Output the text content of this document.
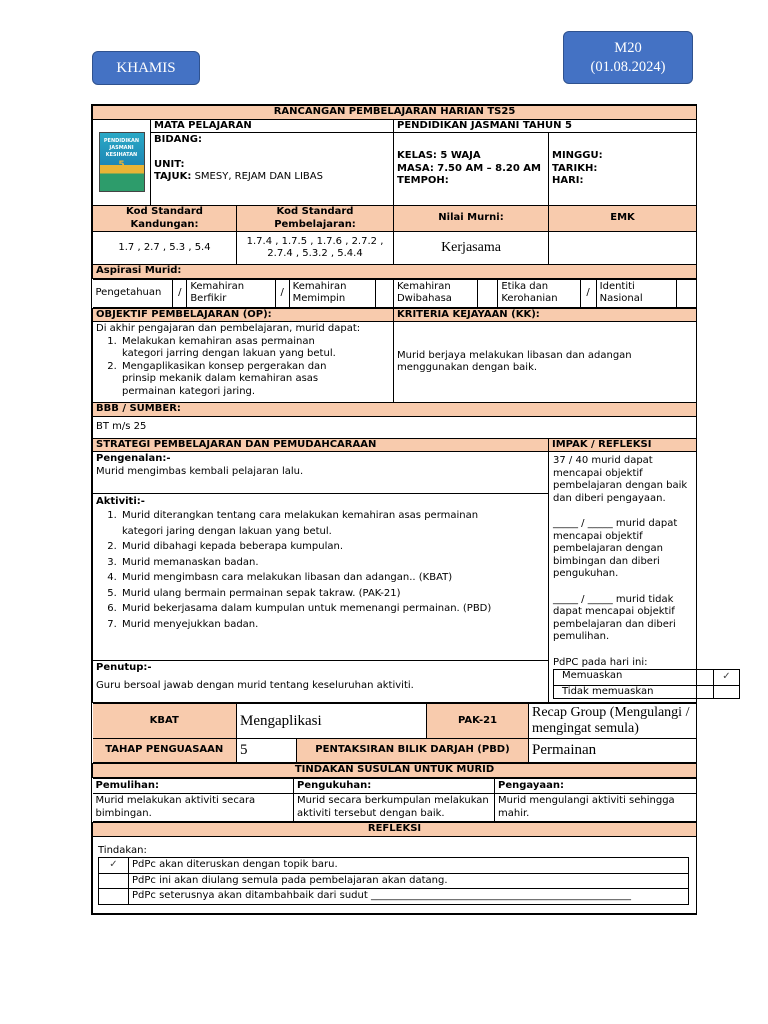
KHAMIS
M20
(01.08.2024)
RANCANGAN PEMBELAJARAN HARIAN TS25

PENDIDIKAN
JASMANI
KESIHATAN
5
	MATA PELAJARAN	PENDIDIKAN JASMANI TAHUN 5

BIDANG:
UNIT:
TAJUK: SMESY, REJAM DAN LIBAS

KELAS: 5 WAJA
MASA: 7.50 AM – 8.20 AM
TEMPOH:

MINGGU:
TARIKH:
HARI:

Kod Standard Kandungan:	Kod Standard Pembelajaran:	Nilai Murni:	EMK
1.7 , 2.7 , 5.3 , 5.4	1.7.4 , 1.7.5 , 1.7.6 , 2.7.2 , 2.7.4 , 5.3.2 , 5.4.4	Kerjasama	
Aspirasi Murid:

Pengetahuan	/	Kemahiran Berfikir	/	Kemahiran Memimpin		Kemahiran Dwibahasa		Etika dan Kerohanian	/	Identiti Nasional	

OBJEKTIF PEMBELAJARAN (OP):	KRITERIA KEJAYAAN (KK):

Di akhir pengajaran dan pembelajaran, murid dapat:
1. Melakukan kemahiran asas permainan kategori jarring dengan lakuan yang betul.
2. Mengaplikasikan konsep pergerakan dan prinsip mekanik dalam kemahiran asas permainan kategori jaring.
	Murid berjaya melakukan libasan dan adangan menggunakan dengan baik.
BBB / SUMBER:
BT m/s 25
STRATEGI PEMBELAJARAN DAN PEMUDAHCARAAN	IMPAK / REFLEKSI

Pengenalan:-
Murid mengimbas kembali pelajaran lalu.

37 / 40 murid dapat mencapai objektif pembelajaran dengan baik dan diberi pengayaan.
_____ / _____ murid dapat mencapai objektif pembelajaran dengan bimbingan dan diberi pengukuhan.
_____ / _____ murid tidak dapat mencapai objektif pembelajaran dan diberi pemulihan.
PdPC pada hari ini:
Memuaskan	✓
Tidak memuaskan	

Aktiviti:-
1. Murid diterangkan tentang cara melakukan kemahiran asas permainan kategori jaring dengan lakuan yang betul.
2. Murid dibahagi kepada beberapa kumpulan.
3. Murid memanaskan badan.
4. Murid mengimbasn cara melakukan libasan dan adangan.. (KBAT)
5. Murid ulang bermain permainan sepak takraw. (PAK-21)
6. Murid bekerjasama dalam kumpulan untuk memenangi permainan. (PBD)
7. Murid menyejukkan badan.

Penutup:-
Guru bersoal jawab dengan murid tentang keseluruhan aktiviti.

KBAT	Mengaplikasi	PAK-21	Recap Group (Mengulangi / mengingat semula)
TAHAP PENGUASAAN	5	PENTAKSIRAN BILIK DARJAH (PBD)	Permainan

TINDAKAN SUSULAN UNTUK MURID

Pemulihan:	Pengukuhan:	Pengayaan:
Murid melakukan aktiviti secara bimbingan.	Murid secara berkumpulan melakukan aktiviti tersebut dengan baik.	Murid mengulangi aktiviti sehingga mahir.

REFLEKSI

Tindakan:
✓	PdPc akan diteruskan dengan topik baru.
	PdPc ini akan diulang semula pada pembelajaran akan datang.
	PdPc seterusnya akan ditambahbaik dari sudut ____________________________________________________
